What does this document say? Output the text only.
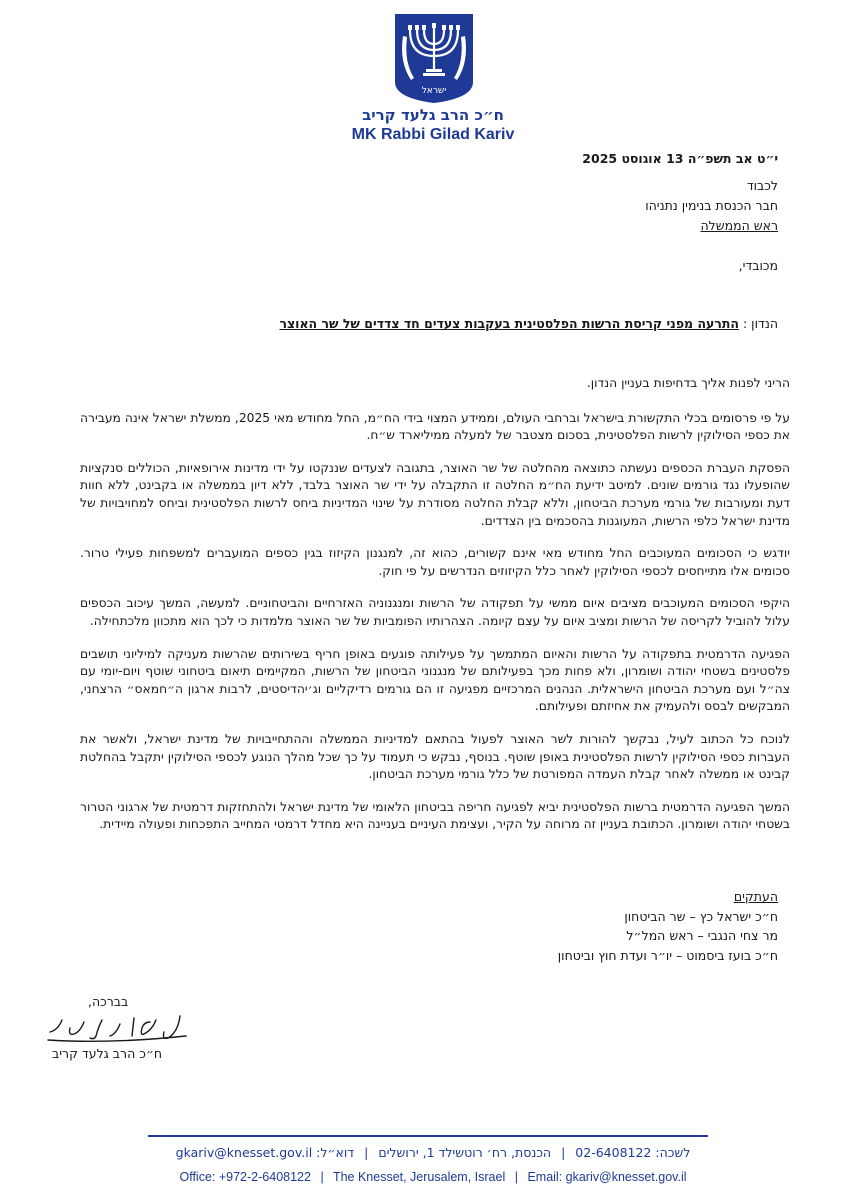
ישראל
ח״כ הרב גלעד קריב
MK Rabbi Gilad Kariv
י״ט אב תשפ״ה 13 אוגוסט 2025
לכבוד
חבר הכנסת בנימין נתניהו
ראש הממשלה
מכובדי,
הנדון : התרעה מפני קריסת הרשות הפלסטינית בעקבות צעדים חד צדדים של שר האוצר

הריני לפנות אליך בדחיפות בעניין הנדון.

על פי פרסומים בכלי התקשורת בישראל וברחבי העולם, וממידע המצוי בידי הח״מ, החל מחודש מאי 2025, ממשלת ישראל אינה מעבירה את כספי הסילוקין לרשות הפלסטינית, בסכום מצטבר של למעלה ממיליארד ש״ח.

הפסקת העברת הכספים נעשתה כתוצאה מהחלטה של שר האוצר, בתגובה לצעדים שננקטו על ידי מדינות אירופאיות, הכוללים סנקציות שהופעלו נגד גורמים שונים. למיטב ידיעת הח״מ החלטה זו התקבלה על ידי שר האוצר בלבד, ללא דיון בממשלה או בקבינט, ללא חוות דעת ומעורבות של גורמי מערכת הביטחון, וללא קבלת החלטה מסודרת על שינוי המדיניות ביחס לרשות הפלסטינית וביחס למחויבויות של מדינת ישראל כלפי הרשות, המעוגנות בהסכמים בין הצדדים.

יודגש כי הסכומים המעוכבים החל מחודש מאי אינם קשורים, כהוא זה, למנגנון הקיזוז בגין כספים המועברים למשפחות פעילי טרור. סכומים אלו מתייחסים לכספי הסילוקין לאחר כלל הקיזוזים הנדרשים על פי חוק.

היקפי הסכומים המעוכבים מציבים איום ממשי על תפקודה של הרשות ומנגנוניה האזרחיים והביטחוניים. למעשה, המשך עיכוב הכספים עלול להוביל לקריסה של הרשות ומציב איום על עצם קיומה. הצהרותיו הפומביות של שר האוצר מלמדות כי לכך הוא מתכוון מלכתחילה.

הפגיעה הדרמטית בתפקודה על הרשות והאיום המתמשך על פעילותה פוגעים באופן חריף בשירותים שהרשות מעניקה למיליוני תושבים פלסטינים בשטחי יהודה ושומרון, ולא פחות מכך בפעילותם של מנגנוני הביטחון של הרשות, המקיימים תיאום ביטחוני שוטף ויום-יומי עם צה״ל ועם מערכת הביטחון הישראלית. הנהנים המרכזיים מפגיעה זו הם גורמים רדיקליים וג׳יהדיסטים, לרבות ארגון ה״חמאס״ הרצחני, המבקשים לבסס ולהעמיק את אחיזתם ופעילותם.

לנוכח כל הכתוב לעיל, נבקשך להורות לשר האוצר לפעול בהתאם למדיניות הממשלה וההתחייבויות של מדינת ישראל, ולאשר את העברות כספי הסילוקין לרשות הפלסטינית באופן שוטף. בנוסף, נבקש כי תעמוד על כך שכל מהלך הנוגע לכספי הסילוקין יתקבל בהחלטת קבינט או ממשלה לאחר קבלת העמדה המפורטת של כלל גורמי מערכת הביטחון.

המשך הפגיעה הדרמטית ברשות הפלסטינית יביא לפגיעה חריפה בביטחון הלאומי של מדינת ישראל ולהתחזקות דרמטית של ארגוני הטרור בשטחי יהודה ושומרון. הכתובת בעניין זה מרוחה על הקיר, ועצימת העיניים בעניינה היא מחדל דרמטי המחייב התפכחות ופעולה מיידית.

העתקים
ח״כ ישראל כץ – שר הביטחון
מר צחי הנגבי – ראש המל״ל
ח״כ בועז ביסמוט – יו״ר ועדת חוץ וביטחון
בברכה,
ח״כ הרב גלעד קריב
לשכה: 02-6408122 | הכנסת, רח׳ רוטשילד 1, ירושלים | דוא״ל: gkariv@knesset.gov.il
Office: +972-2-6408122 | The Knesset, Jerusalem, Israel | Email: gkariv@knesset.gov.il
